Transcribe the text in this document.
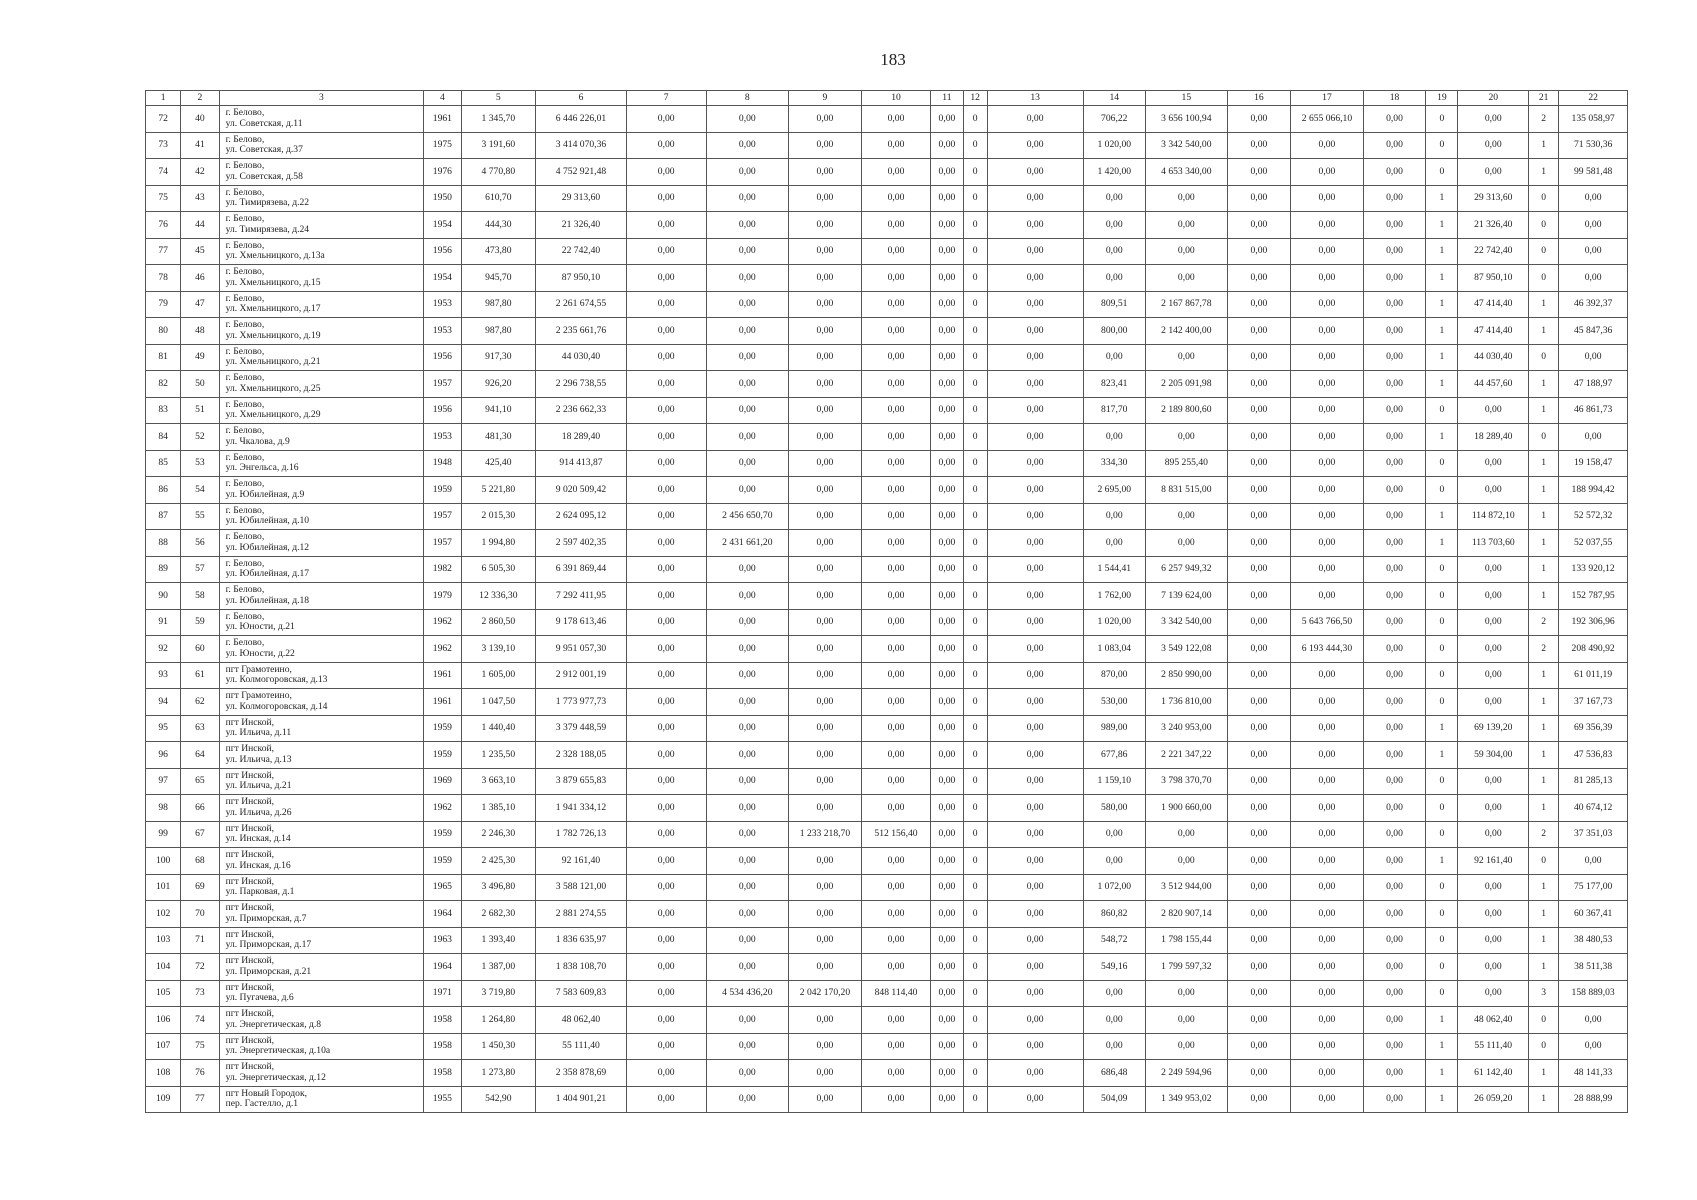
183
1	2	3	4	5	6	7	8	9	10	11	12	13	14	15	16	17	18	19	20	21	22
72	40	г. Белово,
ул. Советская, д.11	1961	1 345,70	6 446 226,01	0,00	0,00	0,00	0,00	0,00	0	0,00	706,22	3 656 100,94	0,00	2 655 066,10	0,00	0	0,00	2	135 058,97
73	41	г. Белово,
ул. Советская, д.37	1975	3 191,60	3 414 070,36	0,00	0,00	0,00	0,00	0,00	0	0,00	1 020,00	3 342 540,00	0,00	0,00	0,00	0	0,00	1	71 530,36
74	42	г. Белово,
ул. Советская, д.58	1976	4 770,80	4 752 921,48	0,00	0,00	0,00	0,00	0,00	0	0,00	1 420,00	4 653 340,00	0,00	0,00	0,00	0	0,00	1	99 581,48
75	43	г. Белово,
ул. Тимирязева, д.22	1950	610,70	29 313,60	0,00	0,00	0,00	0,00	0,00	0	0,00	0,00	0,00	0,00	0,00	0,00	1	29 313,60	0	0,00
76	44	г. Белово,
ул. Тимирязева, д.24	1954	444,30	21 326,40	0,00	0,00	0,00	0,00	0,00	0	0,00	0,00	0,00	0,00	0,00	0,00	1	21 326,40	0	0,00
77	45	г. Белово,
ул. Хмельницкого, д.13а	1956	473,80	22 742,40	0,00	0,00	0,00	0,00	0,00	0	0,00	0,00	0,00	0,00	0,00	0,00	1	22 742,40	0	0,00
78	46	г. Белово,
ул. Хмельницкого, д.15	1954	945,70	87 950,10	0,00	0,00	0,00	0,00	0,00	0	0,00	0,00	0,00	0,00	0,00	0,00	1	87 950,10	0	0,00
79	47	г. Белово,
ул. Хмельницкого, д.17	1953	987,80	2 261 674,55	0,00	0,00	0,00	0,00	0,00	0	0,00	809,51	2 167 867,78	0,00	0,00	0,00	1	47 414,40	1	46 392,37
80	48	г. Белово,
ул. Хмельницкого, д.19	1953	987,80	2 235 661,76	0,00	0,00	0,00	0,00	0,00	0	0,00	800,00	2 142 400,00	0,00	0,00	0,00	1	47 414,40	1	45 847,36
81	49	г. Белово,
ул. Хмельницкого, д.21	1956	917,30	44 030,40	0,00	0,00	0,00	0,00	0,00	0	0,00	0,00	0,00	0,00	0,00	0,00	1	44 030,40	0	0,00
82	50	г. Белово,
ул. Хмельницкого, д.25	1957	926,20	2 296 738,55	0,00	0,00	0,00	0,00	0,00	0	0,00	823,41	2 205 091,98	0,00	0,00	0,00	1	44 457,60	1	47 188,97
83	51	г. Белово,
ул. Хмельницкого, д.29	1956	941,10	2 236 662,33	0,00	0,00	0,00	0,00	0,00	0	0,00	817,70	2 189 800,60	0,00	0,00	0,00	0	0,00	1	46 861,73
84	52	г. Белово,
ул. Чкалова, д.9	1953	481,30	18 289,40	0,00	0,00	0,00	0,00	0,00	0	0,00	0,00	0,00	0,00	0,00	0,00	1	18 289,40	0	0,00
85	53	г. Белово,
ул. Энгельса, д.16	1948	425,40	914 413,87	0,00	0,00	0,00	0,00	0,00	0	0,00	334,30	895 255,40	0,00	0,00	0,00	0	0,00	1	19 158,47
86	54	г. Белово,
ул. Юбилейная, д.9	1959	5 221,80	9 020 509,42	0,00	0,00	0,00	0,00	0,00	0	0,00	2 695,00	8 831 515,00	0,00	0,00	0,00	0	0,00	1	188 994,42
87	55	г. Белово,
ул. Юбилейная, д.10	1957	2 015,30	2 624 095,12	0,00	2 456 650,70	0,00	0,00	0,00	0	0,00	0,00	0,00	0,00	0,00	0,00	1	114 872,10	1	52 572,32
88	56	г. Белово,
ул. Юбилейная, д.12	1957	1 994,80	2 597 402,35	0,00	2 431 661,20	0,00	0,00	0,00	0	0,00	0,00	0,00	0,00	0,00	0,00	1	113 703,60	1	52 037,55
89	57	г. Белово,
ул. Юбилейная, д.17	1982	6 505,30	6 391 869,44	0,00	0,00	0,00	0,00	0,00	0	0,00	1 544,41	6 257 949,32	0,00	0,00	0,00	0	0,00	1	133 920,12
90	58	г. Белово,
ул. Юбилейная, д.18	1979	12 336,30	7 292 411,95	0,00	0,00	0,00	0,00	0,00	0	0,00	1 762,00	7 139 624,00	0,00	0,00	0,00	0	0,00	1	152 787,95
91	59	г. Белово,
ул. Юности, д.21	1962	2 860,50	9 178 613,46	0,00	0,00	0,00	0,00	0,00	0	0,00	1 020,00	3 342 540,00	0,00	5 643 766,50	0,00	0	0,00	2	192 306,96
92	60	г. Белово,
ул. Юности, д.22	1962	3 139,10	9 951 057,30	0,00	0,00	0,00	0,00	0,00	0	0,00	1 083,04	3 549 122,08	0,00	6 193 444,30	0,00	0	0,00	2	208 490,92
93	61	пгт Грамотеино,
ул. Колмогоровская, д.13	1961	1 605,00	2 912 001,19	0,00	0,00	0,00	0,00	0,00	0	0,00	870,00	2 850 990,00	0,00	0,00	0,00	0	0,00	1	61 011,19
94	62	пгт Грамотеино,
ул. Колмогоровская, д.14	1961	1 047,50	1 773 977,73	0,00	0,00	0,00	0,00	0,00	0	0,00	530,00	1 736 810,00	0,00	0,00	0,00	0	0,00	1	37 167,73
95	63	пгт Инской,
ул. Ильича, д.11	1959	1 440,40	3 379 448,59	0,00	0,00	0,00	0,00	0,00	0	0,00	989,00	3 240 953,00	0,00	0,00	0,00	1	69 139,20	1	69 356,39
96	64	пгт Инской,
ул. Ильича, д.13	1959	1 235,50	2 328 188,05	0,00	0,00	0,00	0,00	0,00	0	0,00	677,86	2 221 347,22	0,00	0,00	0,00	1	59 304,00	1	47 536,83
97	65	пгт Инской,
ул. Ильича, д.21	1969	3 663,10	3 879 655,83	0,00	0,00	0,00	0,00	0,00	0	0,00	1 159,10	3 798 370,70	0,00	0,00	0,00	0	0,00	1	81 285,13
98	66	пгт Инской,
ул. Ильича, д.26	1962	1 385,10	1 941 334,12	0,00	0,00	0,00	0,00	0,00	0	0,00	580,00	1 900 660,00	0,00	0,00	0,00	0	0,00	1	40 674,12
99	67	пгт Инской,
ул. Инская, д.14	1959	2 246,30	1 782 726,13	0,00	0,00	1 233 218,70	512 156,40	0,00	0	0,00	0,00	0,00	0,00	0,00	0,00	0	0,00	2	37 351,03
100	68	пгт Инской,
ул. Инская, д.16	1959	2 425,30	92 161,40	0,00	0,00	0,00	0,00	0,00	0	0,00	0,00	0,00	0,00	0,00	0,00	1	92 161,40	0	0,00
101	69	пгт Инской,
ул. Парковая, д.1	1965	3 496,80	3 588 121,00	0,00	0,00	0,00	0,00	0,00	0	0,00	1 072,00	3 512 944,00	0,00	0,00	0,00	0	0,00	1	75 177,00
102	70	пгт Инской,
ул. Приморская, д.7	1964	2 682,30	2 881 274,55	0,00	0,00	0,00	0,00	0,00	0	0,00	860,82	2 820 907,14	0,00	0,00	0,00	0	0,00	1	60 367,41
103	71	пгт Инской,
ул. Приморская, д.17	1963	1 393,40	1 836 635,97	0,00	0,00	0,00	0,00	0,00	0	0,00	548,72	1 798 155,44	0,00	0,00	0,00	0	0,00	1	38 480,53
104	72	пгт Инской,
ул. Приморская, д.21	1964	1 387,00	1 838 108,70	0,00	0,00	0,00	0,00	0,00	0	0,00	549,16	1 799 597,32	0,00	0,00	0,00	0	0,00	1	38 511,38
105	73	пгт Инской,
ул. Пугачева, д.6	1971	3 719,80	7 583 609,83	0,00	4 534 436,20	2 042 170,20	848 114,40	0,00	0	0,00	0,00	0,00	0,00	0,00	0,00	0	0,00	3	158 889,03
106	74	пгт Инской,
ул. Энергетическая, д.8	1958	1 264,80	48 062,40	0,00	0,00	0,00	0,00	0,00	0	0,00	0,00	0,00	0,00	0,00	0,00	1	48 062,40	0	0,00
107	75	пгт Инской,
ул. Энергетическая, д.10а	1958	1 450,30	55 111,40	0,00	0,00	0,00	0,00	0,00	0	0,00	0,00	0,00	0,00	0,00	0,00	1	55 111,40	0	0,00
108	76	пгт Инской,
ул. Энергетическая, д.12	1958	1 273,80	2 358 878,69	0,00	0,00	0,00	0,00	0,00	0	0,00	686,48	2 249 594,96	0,00	0,00	0,00	1	61 142,40	1	48 141,33
109	77	пгт Новый Городок,
пер. Гастелло, д.1	1955	542,90	1 404 901,21	0,00	0,00	0,00	0,00	0,00	0	0,00	504,09	1 349 953,02	0,00	0,00	0,00	1	26 059,20	1	28 888,99
